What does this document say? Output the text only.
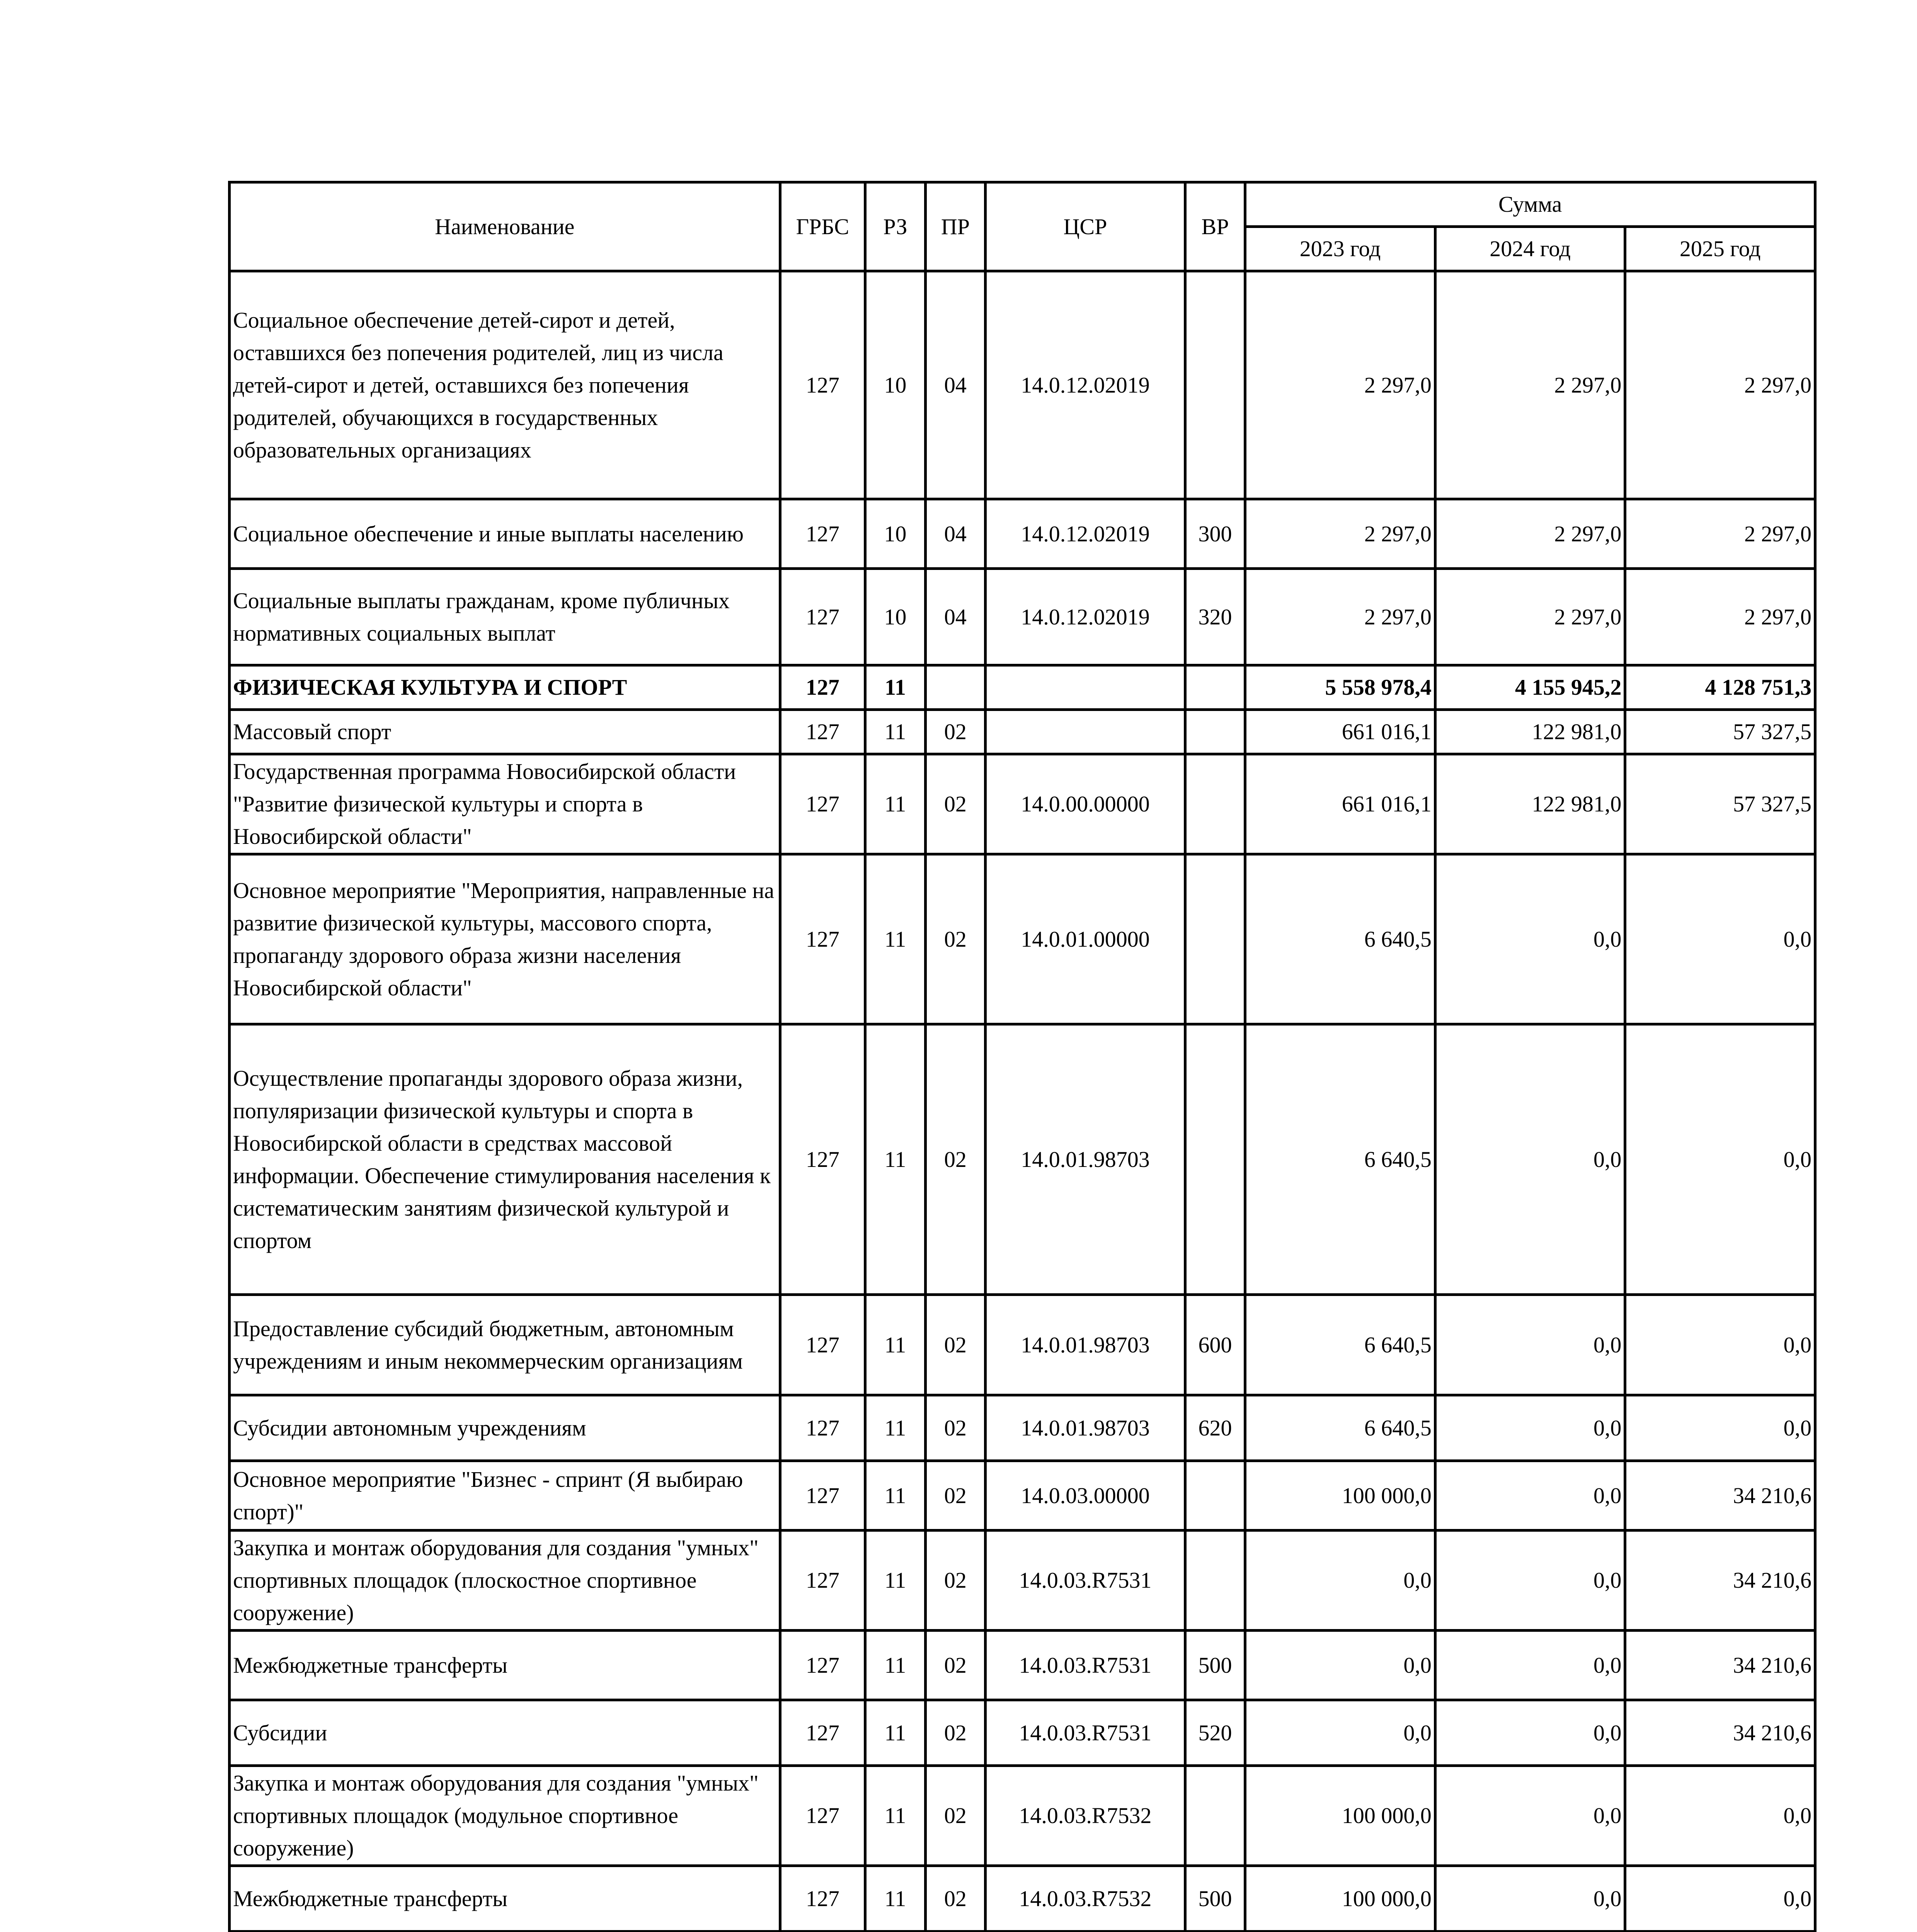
Наименование	ГРБС	РЗ	ПР	ЦСР	ВР	Сумма		
						2023 год	2024 год	2025 год
Социальное обеспечение детей-сирот и детей, оставшихся без попечения родителей, лиц из числа детей-сирот и детей, оставшихся без попечения родителей, обучающихся в государственных образовательных организациях	127	10	04	14.0.12.02019		2 297,0	2 297,0	2 297,0
Социальное обеспечение и иные выплаты населению	127	10	04	14.0.12.02019	300	2 297,0	2 297,0	2 297,0
Социальные выплаты гражданам, кроме публичных нормативных социальных выплат	127	10	04	14.0.12.02019	320	2 297,0	2 297,0	2 297,0
ФИЗИЧЕСКАЯ КУЛЬТУРА И СПОРТ	127	11				5 558 978,4	4 155 945,2	4 128 751,3
Массовый спорт	127	11	02			661 016,1	122 981,0	57 327,5
Государственная программа Новосибирской области "Развитие физической культуры и спорта в Новосибирской области"	127	11	02	14.0.00.00000		661 016,1	122 981,0	57 327,5
Основное мероприятие "Мероприятия, направленные на развитие физической культуры, массового спорта, пропаганду здорового образа жизни населения Новосибирской области"	127	11	02	14.0.01.00000		6 640,5	0,0	0,0
Осуществление пропаганды здорового образа жизни, популяризации физической культуры и спорта в Новосибирской области в средствах массовой информации. Обеспечение стимулирования населения к систематическим занятиям физической культурой и спортом	127	11	02	14.0.01.98703		6 640,5	0,0	0,0
Предоставление субсидий бюджетным, автономным учреждениям и иным некоммерческим организациям	127	11	02	14.0.01.98703	600	6 640,5	0,0	0,0
Субсидии автономным учреждениям	127	11	02	14.0.01.98703	620	6 640,5	0,0	0,0
Основное мероприятие "Бизнес - спринт (Я выбираю спорт)"	127	11	02	14.0.03.00000		100 000,0	0,0	34 210,6
Закупка и монтаж оборудования для создания "умных" спортивных площадок (плоскостное спортивное сооружение)	127	11	02	14.0.03.R7531		0,0	0,0	34 210,6
Межбюджетные трансферты	127	11	02	14.0.03.R7531	500	0,0	0,0	34 210,6
Субсидии	127	11	02	14.0.03.R7531	520	0,0	0,0	34 210,6
Закупка и монтаж оборудования для создания "умных" спортивных площадок (модульное спортивное сооружение)	127	11	02	14.0.03.R7532		100 000,0	0,0	0,0
Межбюджетные трансферты	127	11	02	14.0.03.R7532	500	100 000,0	0,0	0,0
